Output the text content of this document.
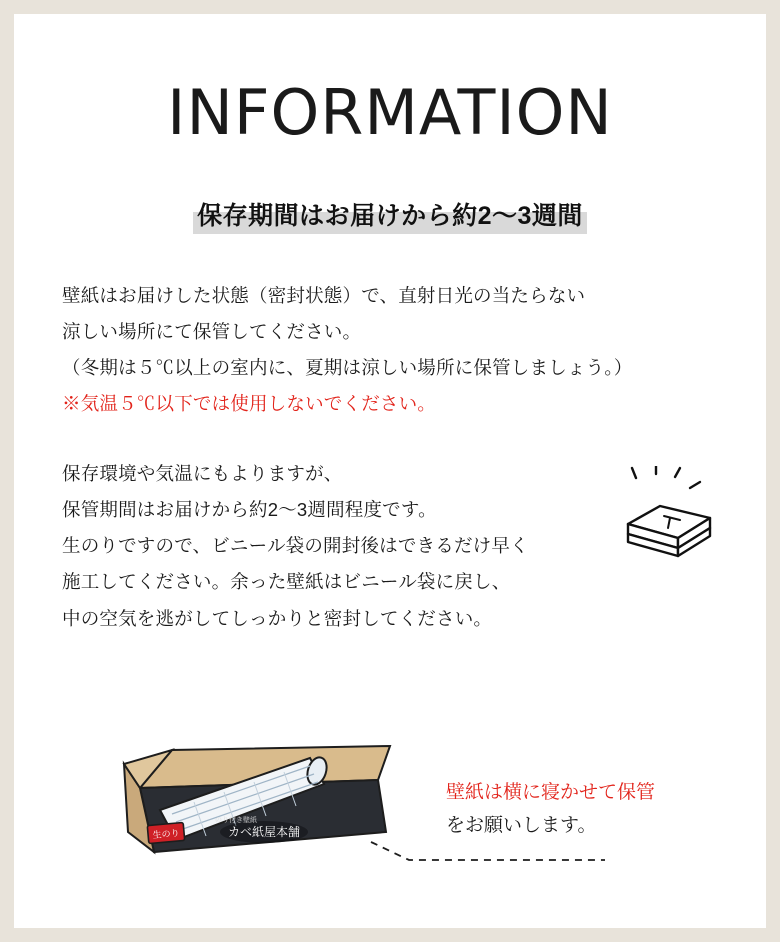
INFORMATION
保存期間はお届けから約2〜3週間
壁紙はお届けした状態（密封状態）で、直射日光の当たらない
涼しい場所にて保管してください。
（冬期は５℃以上の室内に、夏期は涼しい場所に保管しましょう。）
※気温５℃以下では使用しないでください。
保存環境や気温にもよりますが、
保管期間はお届けから約2〜3週間程度です。
生のりですので、ビニール袋の開封後はできるだけ早く
施工してください。余った壁紙はビニール袋に戻し、
中の空気を逃がしてしっかりと密封してください。
カベ紙屋本舗
のり付き壁紙
生のり
壁紙は横に寝かせて保管
をお願いします。
